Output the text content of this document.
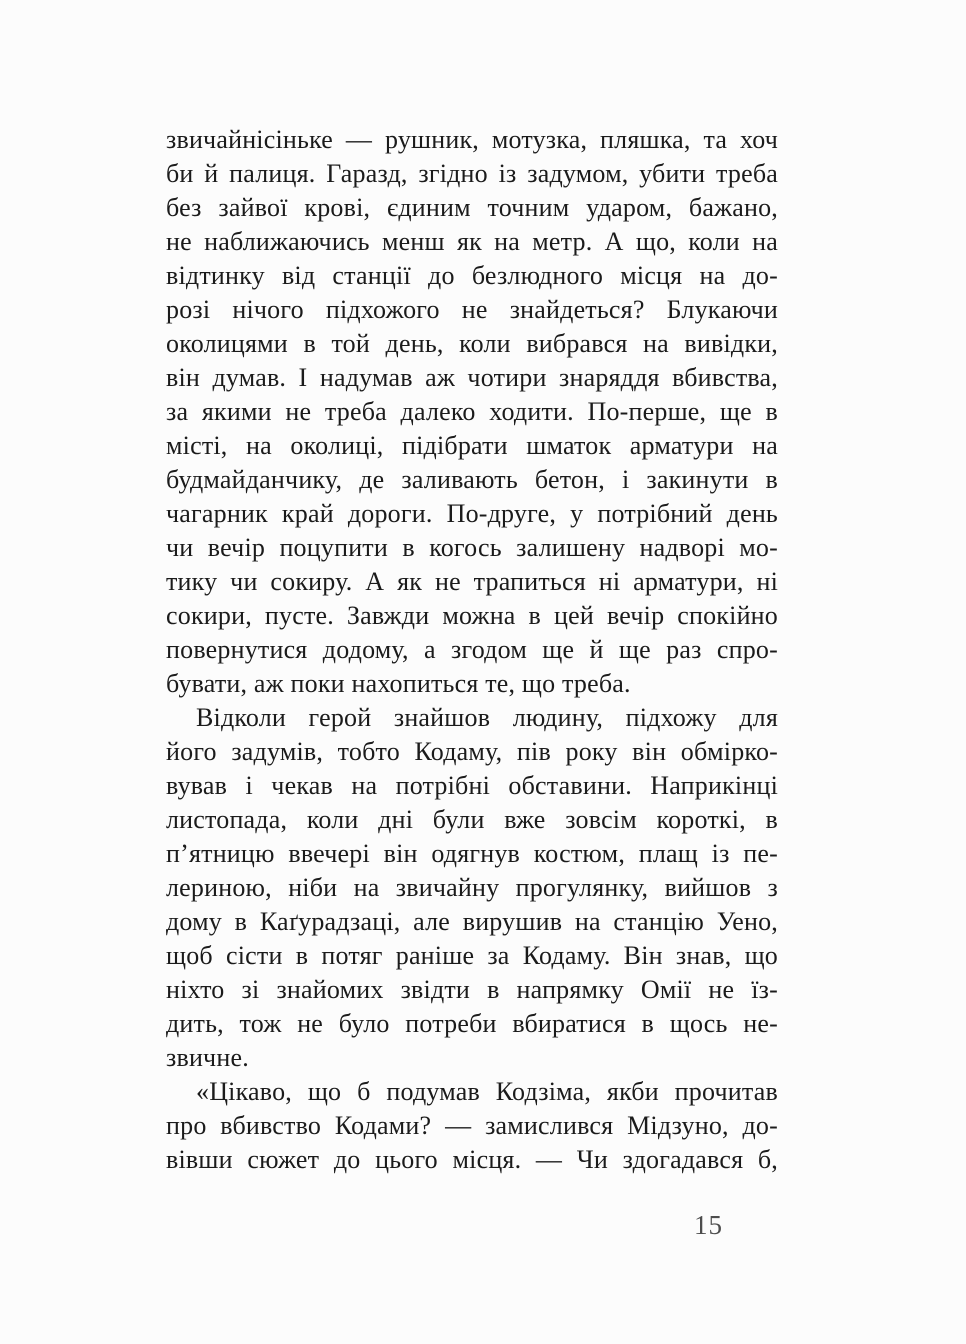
звичайнісіньке — рушник, мотузка, пляшка, та хоч
би й палиця. Гаразд, згідно із задумом, убити треба
без зайвої крові, єдиним точним ударом, бажано,
не наближаючись менш як на метр. А що, коли на
відтинку від станції до безлюдного місця на до-
розі нічого підхожого не знайдеться? Блукаючи
околицями в той день, коли вибрався на вивідки,
він думав. І надумав аж чотири знаряддя вбивства,
за якими не треба далеко ходити. По-перше, ще в
місті, на околиці, підібрати шматок арматури на
будмайданчику, де заливають бетон, і закинути в
чагарник край дороги. По-друге, у потрібний день
чи вечір поцупити в когось залишену надворі мо-
тику чи сокиру. А як не трапиться ні арматури, ні
сокири, пусте. Завжди можна в цей вечір спокійно
повернутися додому, а згодом ще й ще раз спро-
бувати, аж поки нахопиться те, що треба.
Відколи герой знайшов людину, підхожу для
його задумів, тобто Кодаму, пів року він обмірко-
вував і чекав на потрібні обставини. Наприкінці
листопада, коли дні були вже зовсім короткі, в
п’ятницю ввечері він одягнув костюм, плащ із пе-
лериною, ніби на звичайну прогулянку, вийшов з
дому в Каґурадзаці, але вирушив на станцію Уено,
щоб сісти в потяг раніше за Кодаму. Він знав, що
ніхто зі знайомих звідти в напрямку Омії не їз-
дить, тож не було потреби вбиратися в щось не-
звичне.
«Цікаво, що б подумав Кодзіма, якби прочитав
про вбивство Кодами? — замислився Мідзуно, до-
вівши сюжет до цього місця. — Чи здогадався б,
15
